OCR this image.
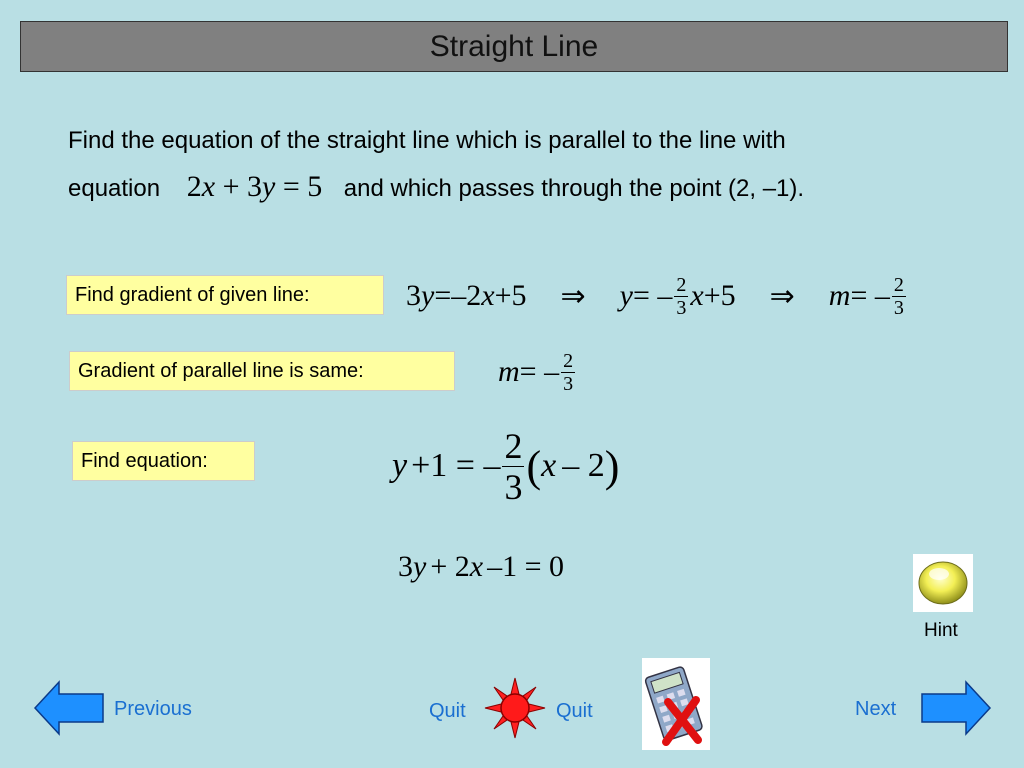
Straight Line
Find the equation of the straight line which is parallel to the line with
equation 2x + 3y = 5 and which passes through the point (2, –1).
Find gradient of given line:	3 y =– 2 x +5 ⇒ y = – $\frac{2}{3}$ x +5 ⇒ m = – $\frac{2}{3}$
Gradient of parallel line is same:	m = – $\frac{2}{3}$
Find equation:	y +1 = – $\frac{2}{3}$ ( x – 2 )
3 y + 2 x –1 = 0
Hint
Previous	Quit	Quit	Next
